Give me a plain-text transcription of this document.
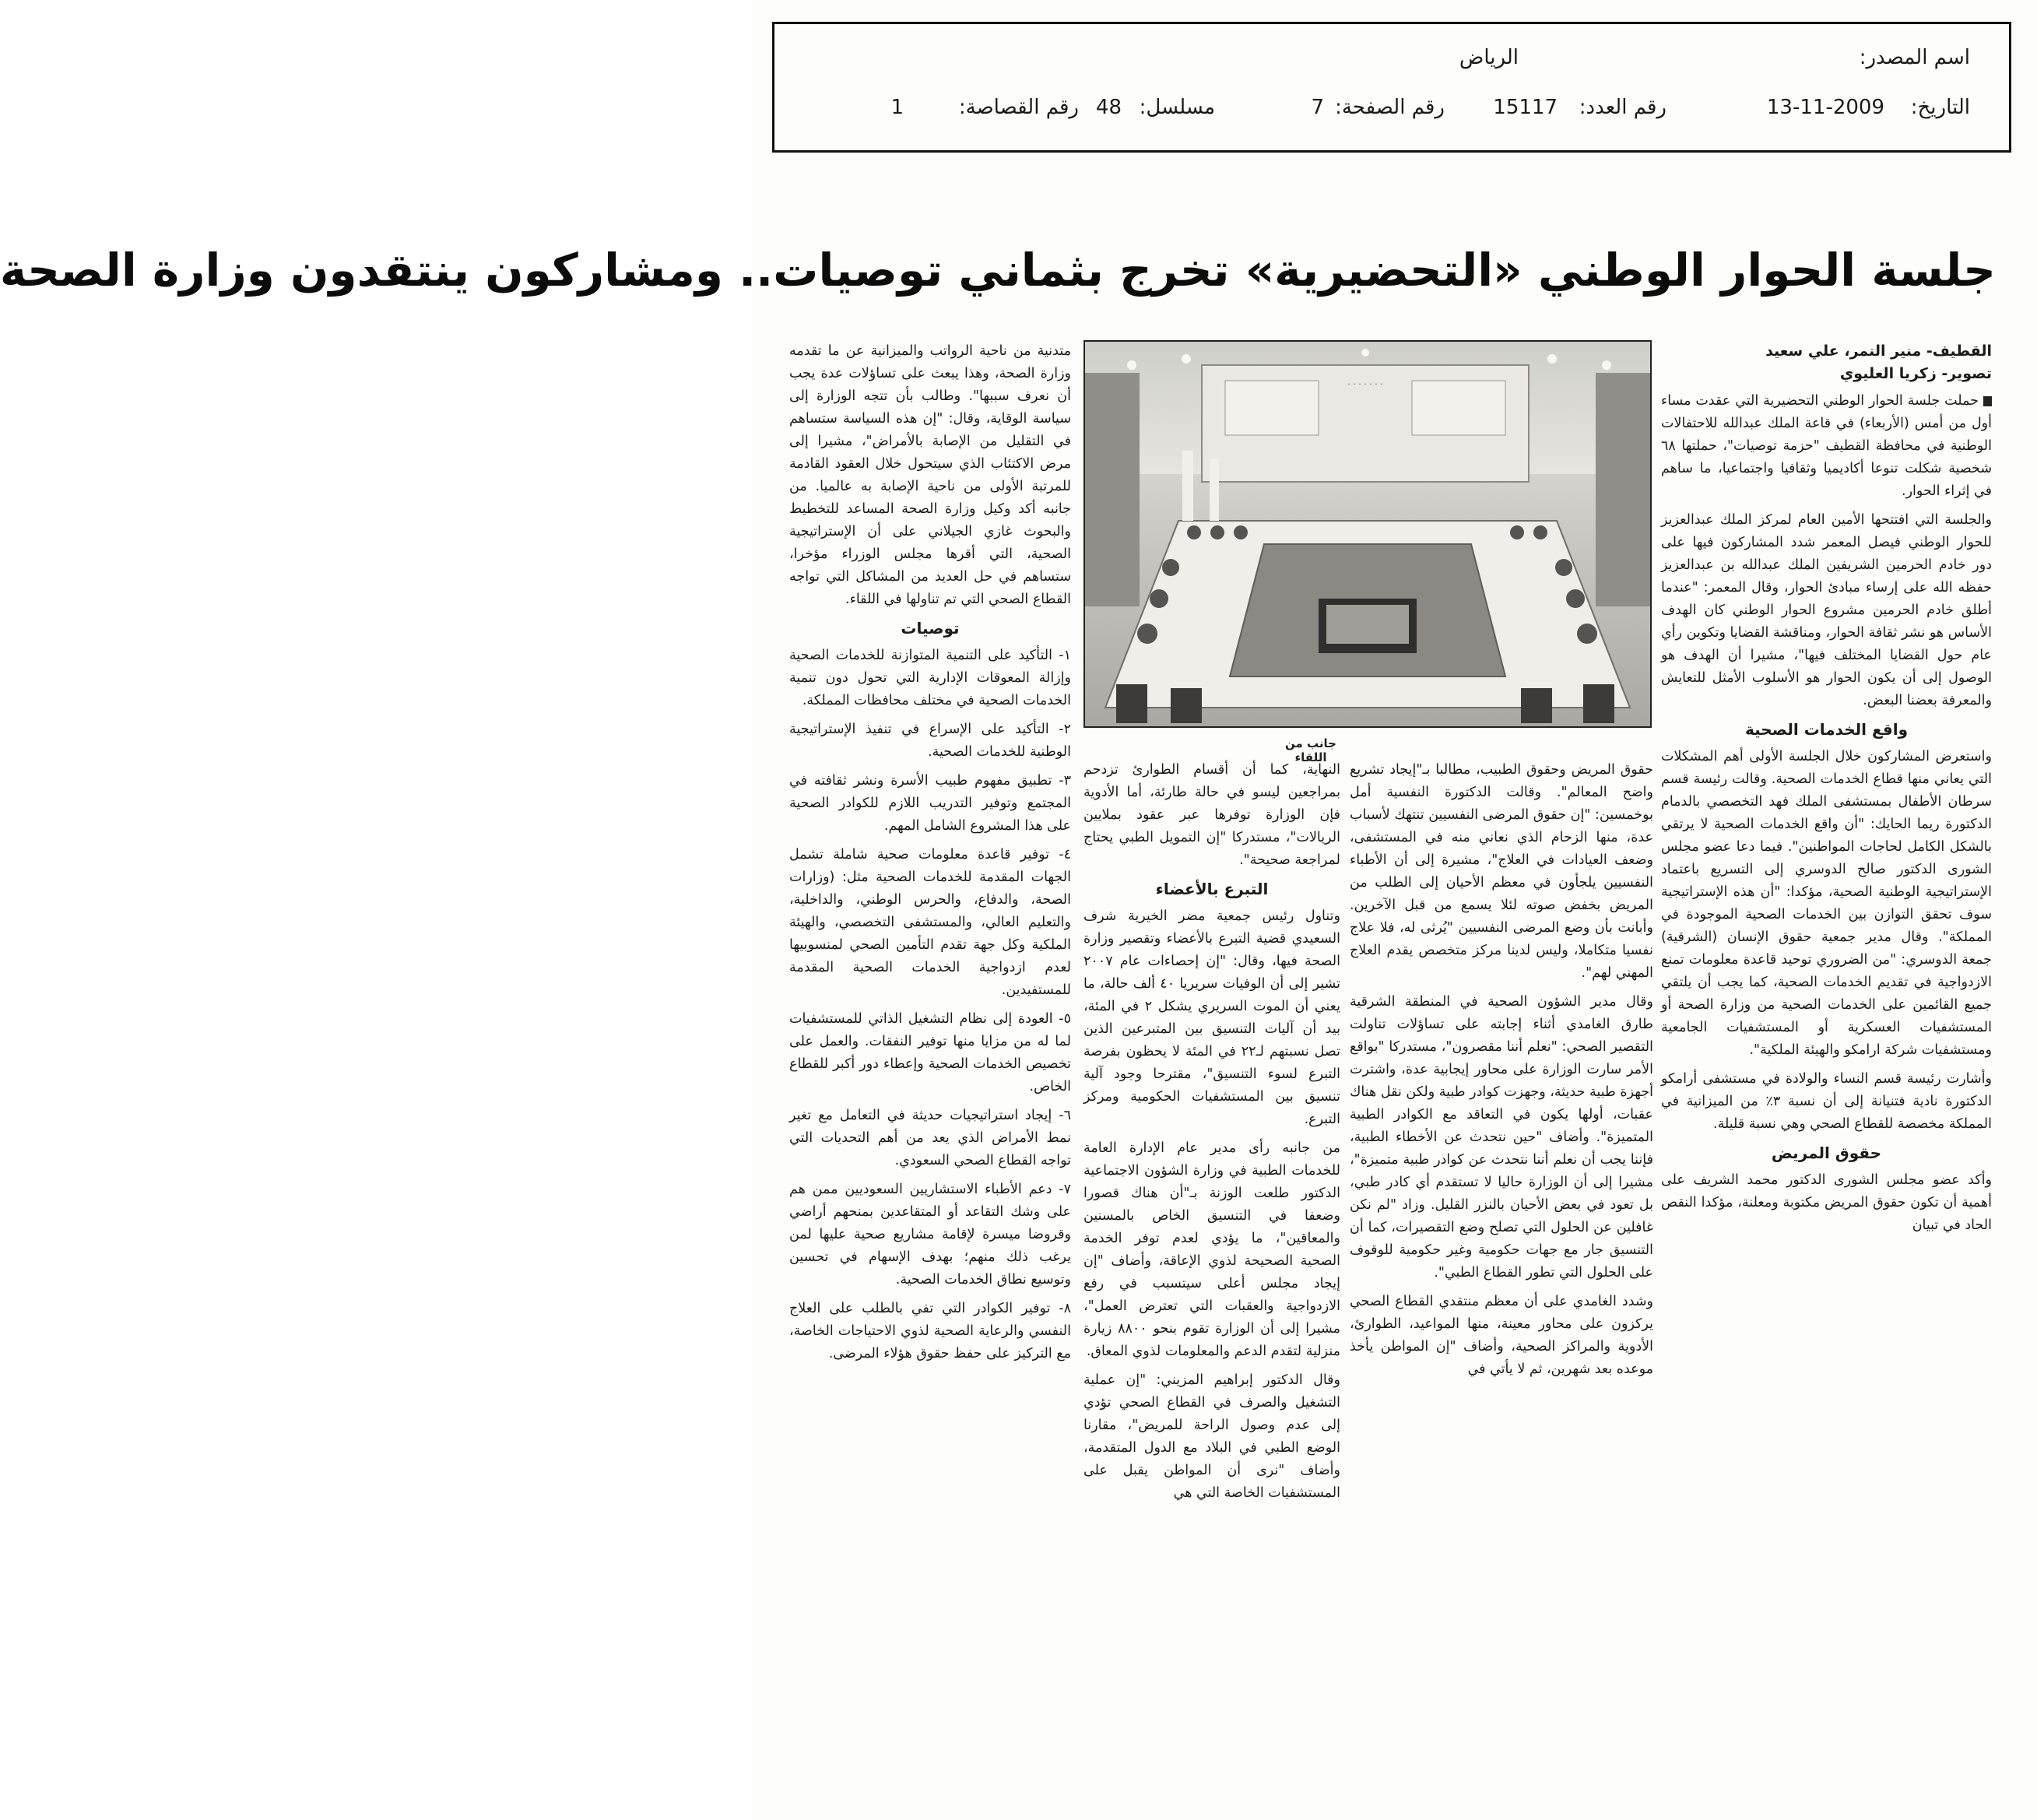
اسم المصدر:
الرياض
التاريخ:
13-11-2009
رقم العدد:
15117
رقم الصفحة:
7
مسلسل:
48
رقم القصاصة:
1
جلسة الحوار الوطني «التحضيرية» تخرج بثماني توصيات.. ومشاركون ينتقدون وزارة الصحة

القطيف- منير النمر، علي سعيد

تصوير- زكريا العليوي

حملت جلسة الحوار الوطني التحضيرية التي عقدت مساء أول من أمس (الأربعاء) في قاعة الملك عبدالله للاحتفالات الوطنية في محافظة القطيف "حزمة توصيات"، حملتها ٦٨ شخصية شكلت تنوعا أكاديميا وثقافيا واجتماعيا، ما ساهم في إثراء الحوار.

والجلسة التي افتتحها الأمين العام لمركز الملك عبدالعزيز للحوار الوطني فيصل المعمر شدد المشاركون فيها على دور خادم الحرمين الشريفين الملك عبدالله بن عبدالعزيز حفظه الله على إرساء مبادئ الحوار، وقال المعمر: "عندما أطلق خادم الحرمين مشروع الحوار الوطني كان الهدف الأساس هو نشر ثقافة الحوار، ومناقشة القضايا وتكوين رأي عام حول القضايا المختلف فيها"، مشيرا أن الهدف هو الوصول إلى أن يكون الحوار هو الأسلوب الأمثل للتعايش والمعرفة بعضنا البعض.

واقع الخدمات الصحية

واستعرض المشاركون خلال الجلسة الأولى أهم المشكلات التي يعاني منها قطاع الخدمات الصحية. وقالت رئيسة قسم سرطان الأطفال بمستشفى الملك فهد التخصصي بالدمام الدكتورة ريما الحايك: "أن واقع الخدمات الصحية لا يرتقي بالشكل الكامل لحاجات المواطنين". فيما دعا عضو مجلس الشورى الدكتور صالح الدوسري إلى التسريع باعتماد الإستراتيجية الوطنية الصحية، مؤكدا: "أن هذه الإستراتيجية سوف تحقق التوازن بين الخدمات الصحية الموجودة في المملكة". وقال مدير جمعية حقوق الإنسان (الشرقية) جمعة الدوسري: "من الضروري توحيد قاعدة معلومات تمنع الازدواجية في تقديم الخدمات الصحية، كما يجب أن يلتقي جميع القائمين على الخدمات الصحية من وزارة الصحة أو المستشفيات العسكرية أو المستشفيات الجامعية ومستشفيات شركة ارامكو والهيئة الملكية".

وأشارت رئيسة قسم النساء والولادة في مستشفى أرامكو الدكتورة نادية فتنيانة إلى أن نسبة ٣٪ من الميزانية في المملكة مخصصة للقطاع الصحي وهي نسبة قليلة.

حقوق المريض

وأكد عضو مجلس الشورى الدكتور محمد الشريف على أهمية أن تكون حقوق المريض مكتوبة ومعلنة، مؤكدا النقص الحاد في تبيان

· · · · · · ·
جانب من اللقاء

حقوق المريض وحقوق الطبيب، مطالبا بـ"إيجاد تشريع واضح المعالم". وقالت الدكتورة النفسية أمل بوخمسين: "إن حقوق المرضى النفسيين تنتهك لأسباب عدة، منها الزحام الذي نعاني منه في المستشفى، وضعف العيادات في العلاج"، مشيرة إلى أن الأطباء النفسيين يلجأون في معظم الأحيان إلى الطلب من المريض بخفض صوته لئلا يسمع من قبل الآخرين. وأبانت بأن وضع المرضى النفسيين "يُرثى له، فلا علاج نفسيا متكاملا، وليس لدينا مركز متخصص يقدم العلاج المهني لهم".

وقال مدير الشؤون الصحية في المنطقة الشرقية طارق الغامدي أثناء إجابته على تساؤلات تناولت التقصير الصحي: "نعلم أننا مقصرون"، مستدركا "بواقع الأمر سارت الوزارة على محاور إيجابية عدة، واشترت أجهزة طبية حديثة، وجهزت كوادر طبية ولكن نقل هناك عقبات، أولها يكون في التعاقد مع الكوادر الطبية المتميزة". وأضاف "حين نتحدث عن الأخطاء الطبية، فإننا يجب أن نعلم أننا نتحدث عن كوادر طبية متميزة"، مشيرا إلى أن الوزارة حاليا لا تستقدم أي كادر طبي، بل تعود في بعض الأحيان بالنزر القليل. وزاد "لم نكن غافلين عن الحلول التي تصلح وضع التقصيرات، كما أن التنسيق جار مع جهات حكومية وغير حكومية للوقوف على الحلول التي تطور القطاع الطبي".

وشدد الغامدي على أن معظم منتقدي القطاع الصحي يركزون على محاور معينة، منها المواعيد، الطوارئ، الأدوية والمراكز الصحية، وأضاف "إن المواطن يأخذ موعده بعد شهرين، ثم لا يأتي في

النهاية، كما أن أقسام الطوارئ تزدحم بمراجعين ليسو في حالة طارئة، أما الأدوية فإن الوزارة توفرها عبر عقود بملايين الريالات"، مستدركا "إن التمويل الطبي يحتاج لمراجعة صحيحة".

التبرع بالأعضاء

وتناول رئيس جمعية مضر الخيرية شرف السعيدي قضية التبرع بالأعضاء وتقصير وزارة الصحة فيها، وقال: "إن إحصاءات عام ٢٠٠٧ تشير إلى أن الوفيات سريريا ٤٠ ألف حالة، ما يعني أن الموت السريري يشكل ٢ في المئة، بيد أن آليات التنسيق بين المتبرعين الذين تصل نسبتهم لـ٢٢ في المئة لا يحظون بفرصة التبرع لسوء التنسيق"، مقترحا وجود آلية تنسيق بين المستشفيات الحكومية ومركز التبرع.

من جانبه رأى مدير عام الإدارة العامة للخدمات الطبية في وزارة الشؤون الاجتماعية الدكتور طلعت الوزنة بـ"أن هناك قصورا وضعفا في التنسيق الخاص بالمسنين والمعاقين"، ما يؤدي لعدم توفر الخدمة الصحية الصحيحة لذوي الإعاقة، وأضاف "إن إيجاد مجلس أعلى سيتسبب في رفع الازدواجية والعقبات التي تعترض العمل"، مشيرا إلى أن الوزارة تقوم بنحو ٨٨٠٠ زيارة منزلية لتقدم الدعم والمعلومات لذوي المعاق.

وقال الدكتور إبراهيم المزيني: "إن عملية التشغيل والصرف في القطاع الصحي تؤدي إلى عدم وصول الراحة للمريض"، مقارنا الوضع الطبي في البلاد مع الدول المتقدمة، وأضاف "نرى أن المواطن يقبل على المستشفيات الخاصة التي هي

متدنية من ناحية الرواتب والميزانية عن ما تقدمه وزارة الصحة، وهذا يبعث على تساؤلات عدة يجب أن نعرف سببها". وطالب بأن تتجه الوزارة إلى سياسة الوقاية، وقال: "إن هذه السياسة ستساهم في التقليل من الإصابة بالأمراض"، مشيرا إلى مرض الاكتئاب الذي سيتحول خلال العقود القادمة للمرتبة الأولى من ناحية الإصابة به عالميا. من جانبه أكد وكيل وزارة الصحة المساعد للتخطيط والبحوث غازي الجيلاني على أن الإستراتيجية الصحية، التي أقرها مجلس الوزراء مؤخرا، ستساهم في حل العديد من المشاكل التي تواجه القطاع الصحي التي تم تناولها في اللقاء.

توصيات

١- التأكيد على التنمية المتوازنة للخدمات الصحية وإزالة المعوقات الإدارية التي تحول دون تنمية الخدمات الصحية في مختلف محافظات المملكة.

٢- التأكيد على الإسراع في تنفيذ الإستراتيجية الوطنية للخدمات الصحية.

٣- تطبيق مفهوم طبيب الأسرة ونشر ثقافته في المجتمع وتوفير التدريب اللازم للكوادر الصحية على هذا المشروع الشامل المهم.

٤- توفير قاعدة معلومات صحية شاملة تشمل الجهات المقدمة للخدمات الصحية مثل: (وزارات الصحة، والدفاع، والحرس الوطني، والداخلية، والتعليم العالي، والمستشفى التخصصي، والهيئة الملكية وكل جهة تقدم التأمين الصحي لمنسوبيها لعدم ازدواجية الخدمات الصحية المقدمة للمستفيدين.

٥- العودة إلى نظام التشغيل الذاتي للمستشفيات لما له من مزايا منها توفير النفقات. والعمل على تخصيص الخدمات الصحية وإعطاء دور أكبر للقطاع الخاص.

٦- إيجاد استراتيجيات حديثة في التعامل مع تغير نمط الأمراض الذي يعد من أهم التحديات التي تواجه القطاع الصحي السعودي.

٧- دعم الأطباء الاستشاريين السعوديين ممن هم على وشك التقاعد أو المتقاعدين بمنحهم أراضي وقروضا ميسرة لإقامة مشاريع صحية عليها لمن يرغب ذلك منهم؛ بهدف الإسهام في تحسين وتوسيع نطاق الخدمات الصحية.

٨- توفير الكوادر التي تفي بالطلب على العلاج النفسي والرعاية الصحية لذوي الاحتياجات الخاصة، مع التركيز على حفظ حقوق هؤلاء المرضى.
